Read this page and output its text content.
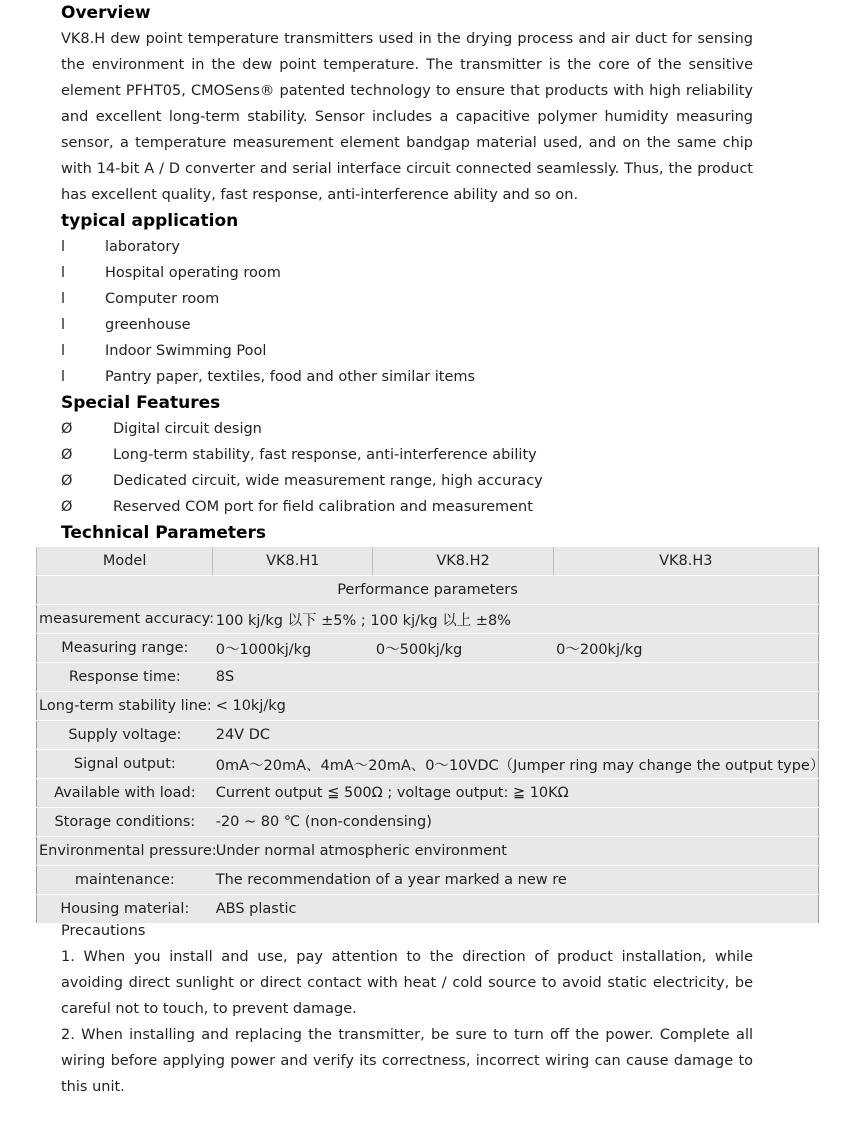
Overview

VK8.H dew point temperature transmitters used in the drying process and air duct for sensing the environment in the dew point temperature. The transmitter is the core of the sensitive element PFHT05, CMOSens® patented technology to ensure that products with high reliability and excellent long-term stability. Sensor includes a capacitive polymer humidity measuring sensor, a temperature measurement element bandgap material used, and on the same chip with 14-bit A / D converter and serial interface circuit connected seamlessly. Thus, the product has excellent quality, fast response, anti-interference ability and so on.

typical application
l	laboratory
l	Hospital operating room
l	Computer room
l	greenhouse
l	Indoor Swimming Pool
l	Pantry paper, textiles, food and other similar items
Special Features
Ø	Digital circuit design
Ø	Long-term stability, fast response, anti-interference ability
Ø	Dedicated circuit, wide measurement range, high accuracy
Ø	Reserved COM port for field calibration and measurement
Technical Parameters
Model	VK8.H1	VK8.H2	VK8.H3
Performance parameters			
measurement accuracy:	100 kj/kg 以下 ±5% ; 100 kj/kg 以上 ±8%		
Measuring range:	0～1000kj/kg	0～500kj/kg	0～200kj/kg
Response time:	8S		
Long-term stability line:	< 10kj/kg		
Supply voltage:	24V DC		
Signal output:	0mA～20mA、4mA～20mA、0～10VDC（Jumper ring may change the output type）		
Available with load:	Current output ≦ 500Ω ; voltage output: ≧ 10KΩ		
Storage conditions:	-20 ~ 80 ℃ (non-condensing)		
Environmental pressure:	Under normal atmospheric environment		
maintenance:	The recommendation of a year marked a new re		
Housing material:	ABS plastic		

Precautions

1. When you install and use, pay attention to the direction of product installation, while avoiding direct sunlight or direct contact with heat / cold source to avoid static electricity, be careful not to touch, to prevent damage.

2. When installing and replacing the transmitter, be sure to turn off the power. Complete all wiring before applying power and verify its correctness, incorrect wiring can cause damage to this unit.
